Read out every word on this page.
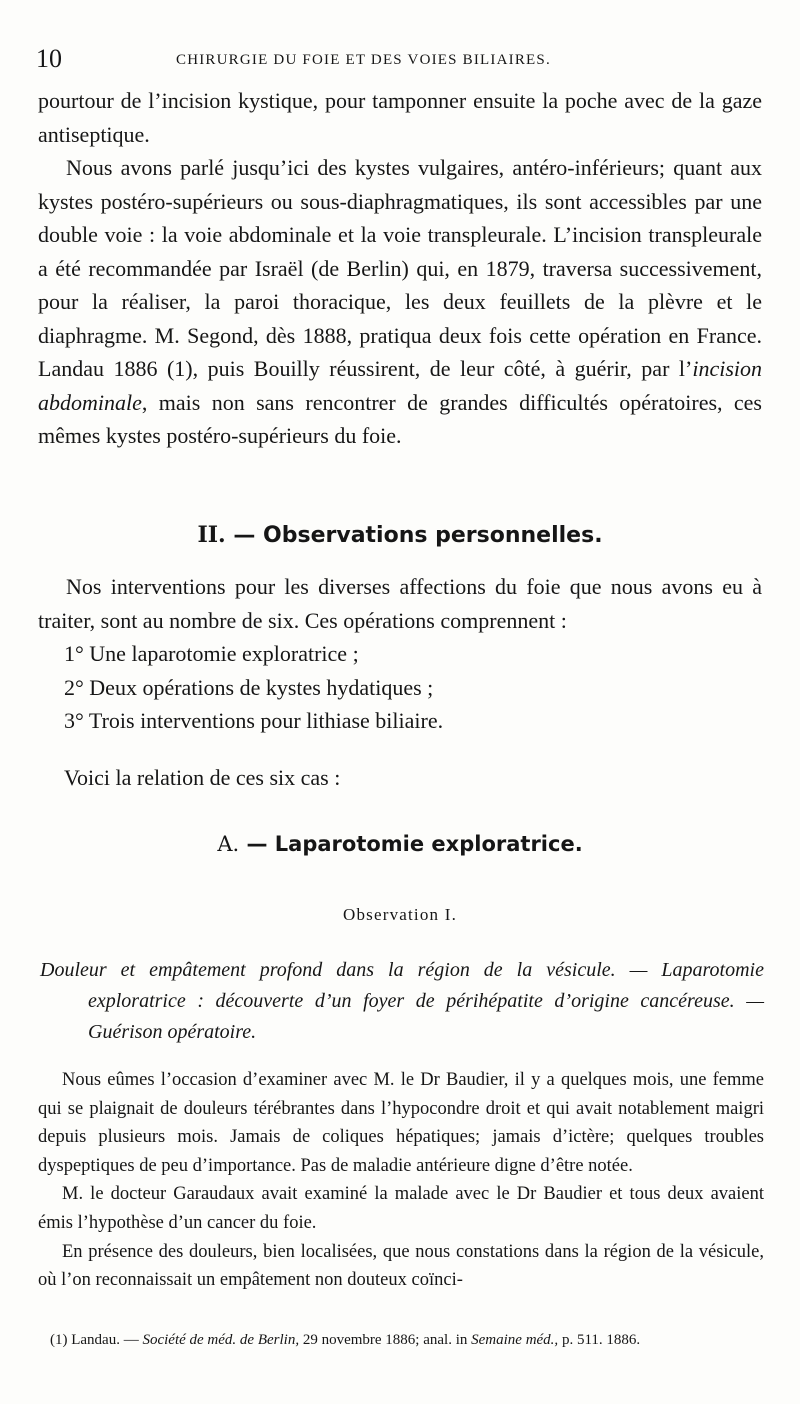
10	CHIRURGIE DU FOIE ET DES VOIES BILIAIRES.

pourtour de l’incision kystique, pour tamponner ensuite la poche avec de la gaze antiseptique.

Nous avons parlé jusqu’ici des kystes vulgaires, antéro-inférieurs; quant aux kystes postéro-supérieurs ou sous-diaphragmatiques, ils sont accessibles par une double voie : la voie abdominale et la voie transpleurale. L’incision transpleurale a été recommandée par Israël (de Berlin) qui, en 1879, traversa successivement, pour la réaliser, la paroi thoracique, les deux feuillets de la plèvre et le diaphragme. M. Segond, dès 1888, pratiqua deux fois cette opération en France. Landau 1886 (1), puis Bouilly réussirent, de leur côté, à guérir, par l’incision abdominale, mais non sans rencontrer de grandes difficultés opératoires, ces mêmes kystes postéro-supérieurs du foie.

II. — Observations personnelles.

Nos interventions pour les diverses affections du foie que nous avons eu à traiter, sont au nombre de six. Ces opérations comprennent :

1° Une laparotomie exploratrice ;

2° Deux opérations de kystes hydatiques ;

3° Trois interventions pour lithiase biliaire.

Voici la relation de ces six cas :

A. — Laparotomie exploratrice.
Observation I.

Douleur et empâtement profond dans la région de la vésicule. — Laparotomie exploratrice : découverte d’un foyer de périhépatite d’origine cancéreuse. — Guérison opératoire.

Nous eûmes l’occasion d’examiner avec M. le Dr Baudier, il y a quelques mois, une femme qui se plaignait de douleurs térébrantes dans l’hypocondre droit et qui avait notablement maigri depuis plusieurs mois. Jamais de coliques hépatiques; jamais d’ictère; quelques troubles dyspeptiques de peu d’importance. Pas de maladie antérieure digne d’être notée.

M. le docteur Garaudaux avait examiné la malade avec le Dr Baudier et tous deux avaient émis l’hypothèse d’un cancer du foie.

En présence des douleurs, bien localisées, que nous constations dans la région de la vésicule, où l’on reconnaissait un empâtement non douteux coïnci-

(1) Landau. — Société de méd. de Berlin, 29 novembre 1886; anal. in Semaine méd., p. 511. 1886.
